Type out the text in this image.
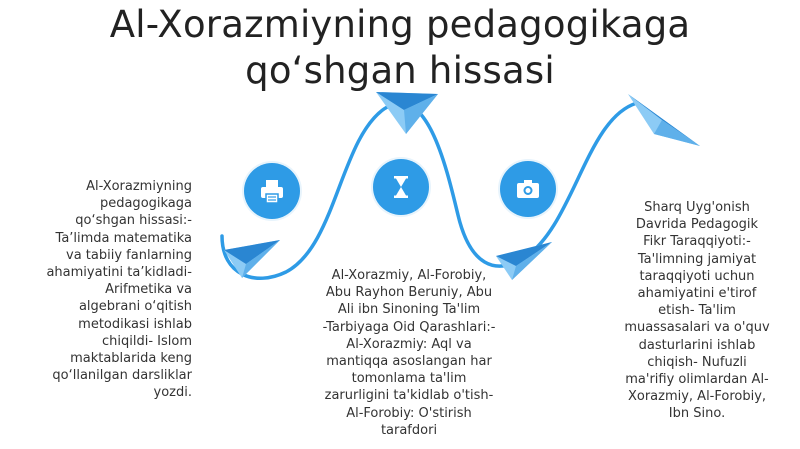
Al-Xorazmiyning pedagogikaga
qo‘shgan hissasi
Al-Xorazmiyning
pedagogikaga
qo‘shgan hissasi:-
Ta’limda matematika
va tabiiy fanlarning
ahamiyatini ta’kidladi-
Arifmetika va
algebrani o‘qitish
metodikasi ishlab
chiqildi- Islom
maktablarida keng
qo‘llanilgan darsliklar
yozdi.
Al-Xorazmiy, Al-Forobiy,
Abu Rayhon Beruniy, Abu
Ali ibn Sinoning Ta'lim
-Tarbiyaga Oid Qarashlari:-
Al-Xorazmiy: Aql va
mantiqqa asoslangan har
tomonlama ta'lim
zarurligini ta'kidlab o'tish-
Al-Forobiy: O'stirish
tarafdori
Sharq Uyg'onish
Davrida Pedagogik
Fikr Taraqqiyoti:-
Ta'limning jamiyat
taraqqiyoti uchun
ahamiyatini e'tirof
etish- Ta'lim
muassasalari va o'quv
dasturlarini ishlab
chiqish- Nufuzli
ma'rifiy olimlardan Al-
Xorazmiy, Al-Forobiy,
Ibn Sino.
